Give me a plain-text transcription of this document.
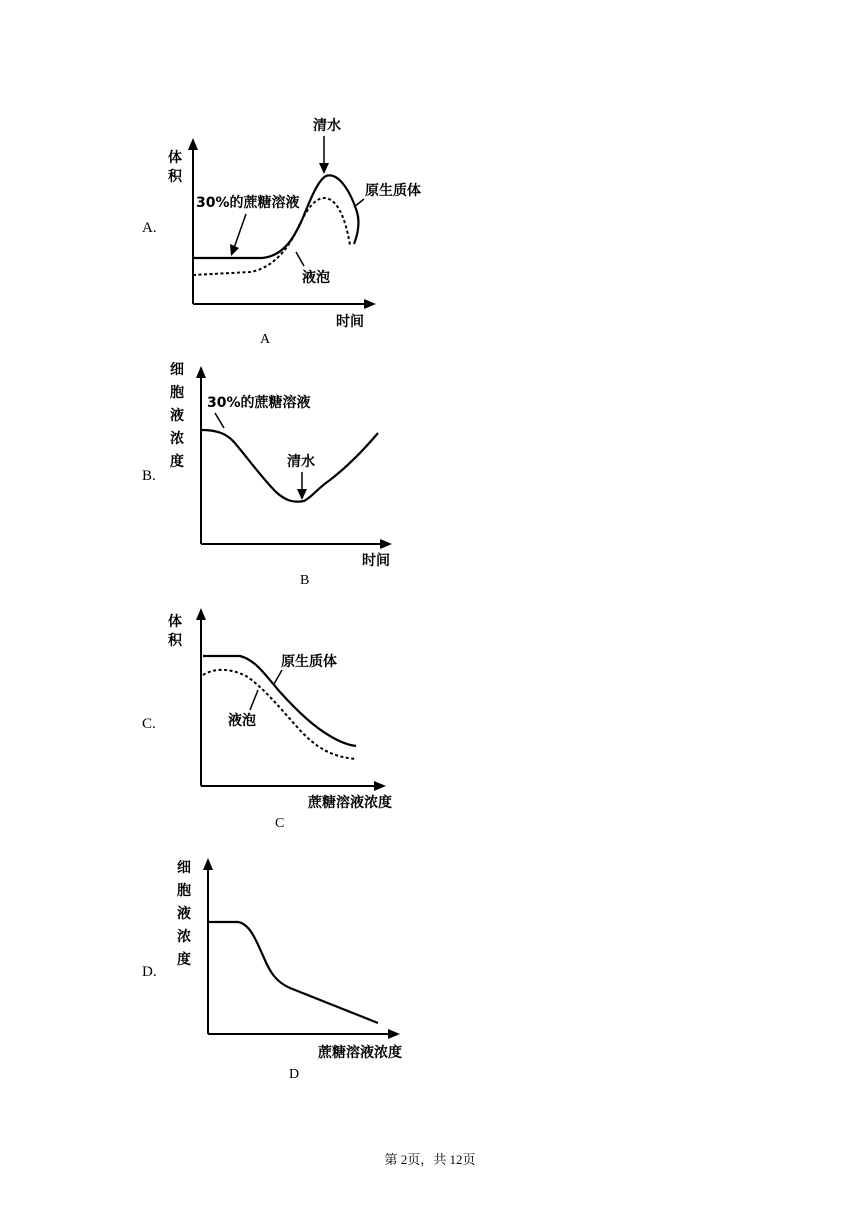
A.
体
积
时间
30%的蔗糖溶液
清水
原生质体
液泡
A
B.
细
胞
液
浓
度
时间
30%的蔗糖溶液
清水
B
C.
体
积
蔗糖溶液浓度
原生质体
液泡
C
D.
细
胞
液
浓
度
蔗糖溶液浓度
D
第 2页，共 12页
